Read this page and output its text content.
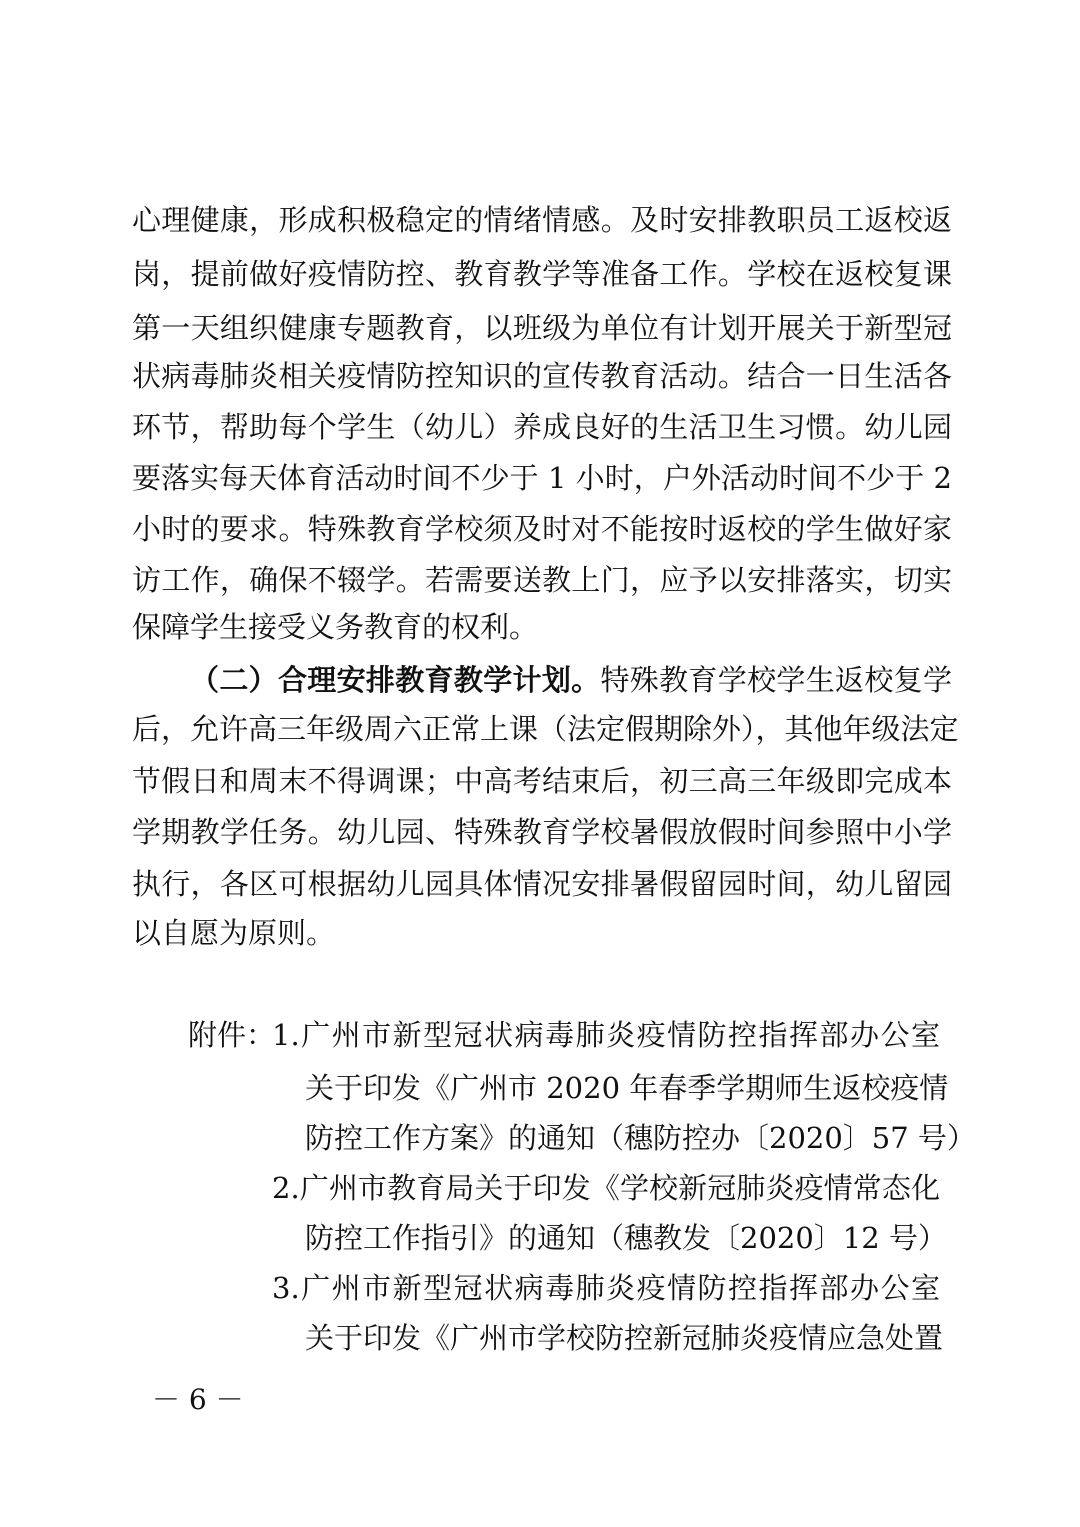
心理健康，形成积极稳定的情绪情感。及时安排教职员工返校返
岗，提前做好疫情防控、教育教学等准备工作。学校在返校复课
第一天组织健康专题教育，以班级为单位有计划开展关于新型冠
状病毒肺炎相关疫情防控知识的宣传教育活动。结合一日生活各
环节，帮助每个学生（幼儿）养成良好的生活卫生习惯。幼儿园
要落实每天体育活动时间不少于 1 小时，户外活动时间不少于 2
小时的要求。特殊教育学校须及时对不能按时返校的学生做好家
访工作，确保不辍学。若需要送教上门，应予以安排落实，切实
保障学生接受义务教育的权利。
（二）合理安排教育教学计划。特殊教育学校学生返校复学
后，允许高三年级周六正常上课（法定假期除外），其他年级法定
节假日和周末不得调课；中高考结束后，初三高三年级即完成本
学期教学任务。幼儿园、特殊教育学校暑假放假时间参照中小学
执行，各区可根据幼儿园具体情况安排暑假留园时间，幼儿留园
以自愿为原则。
附件：
1.广州市新型冠状病毒肺炎疫情防控指挥部办公室
关于印发《广州市 2020 年春季学期师生返校疫情
防控工作方案》的通知（穗防控办〔2020〕57 号）
2.广州市教育局关于印发《学校新冠肺炎疫情常态化
防控工作指引》的通知（穗教发〔2020〕12 号）
3.广州市新型冠状病毒肺炎疫情防控指挥部办公室
关于印发《广州市学校防控新冠肺炎疫情应急处置
－ 6 －
